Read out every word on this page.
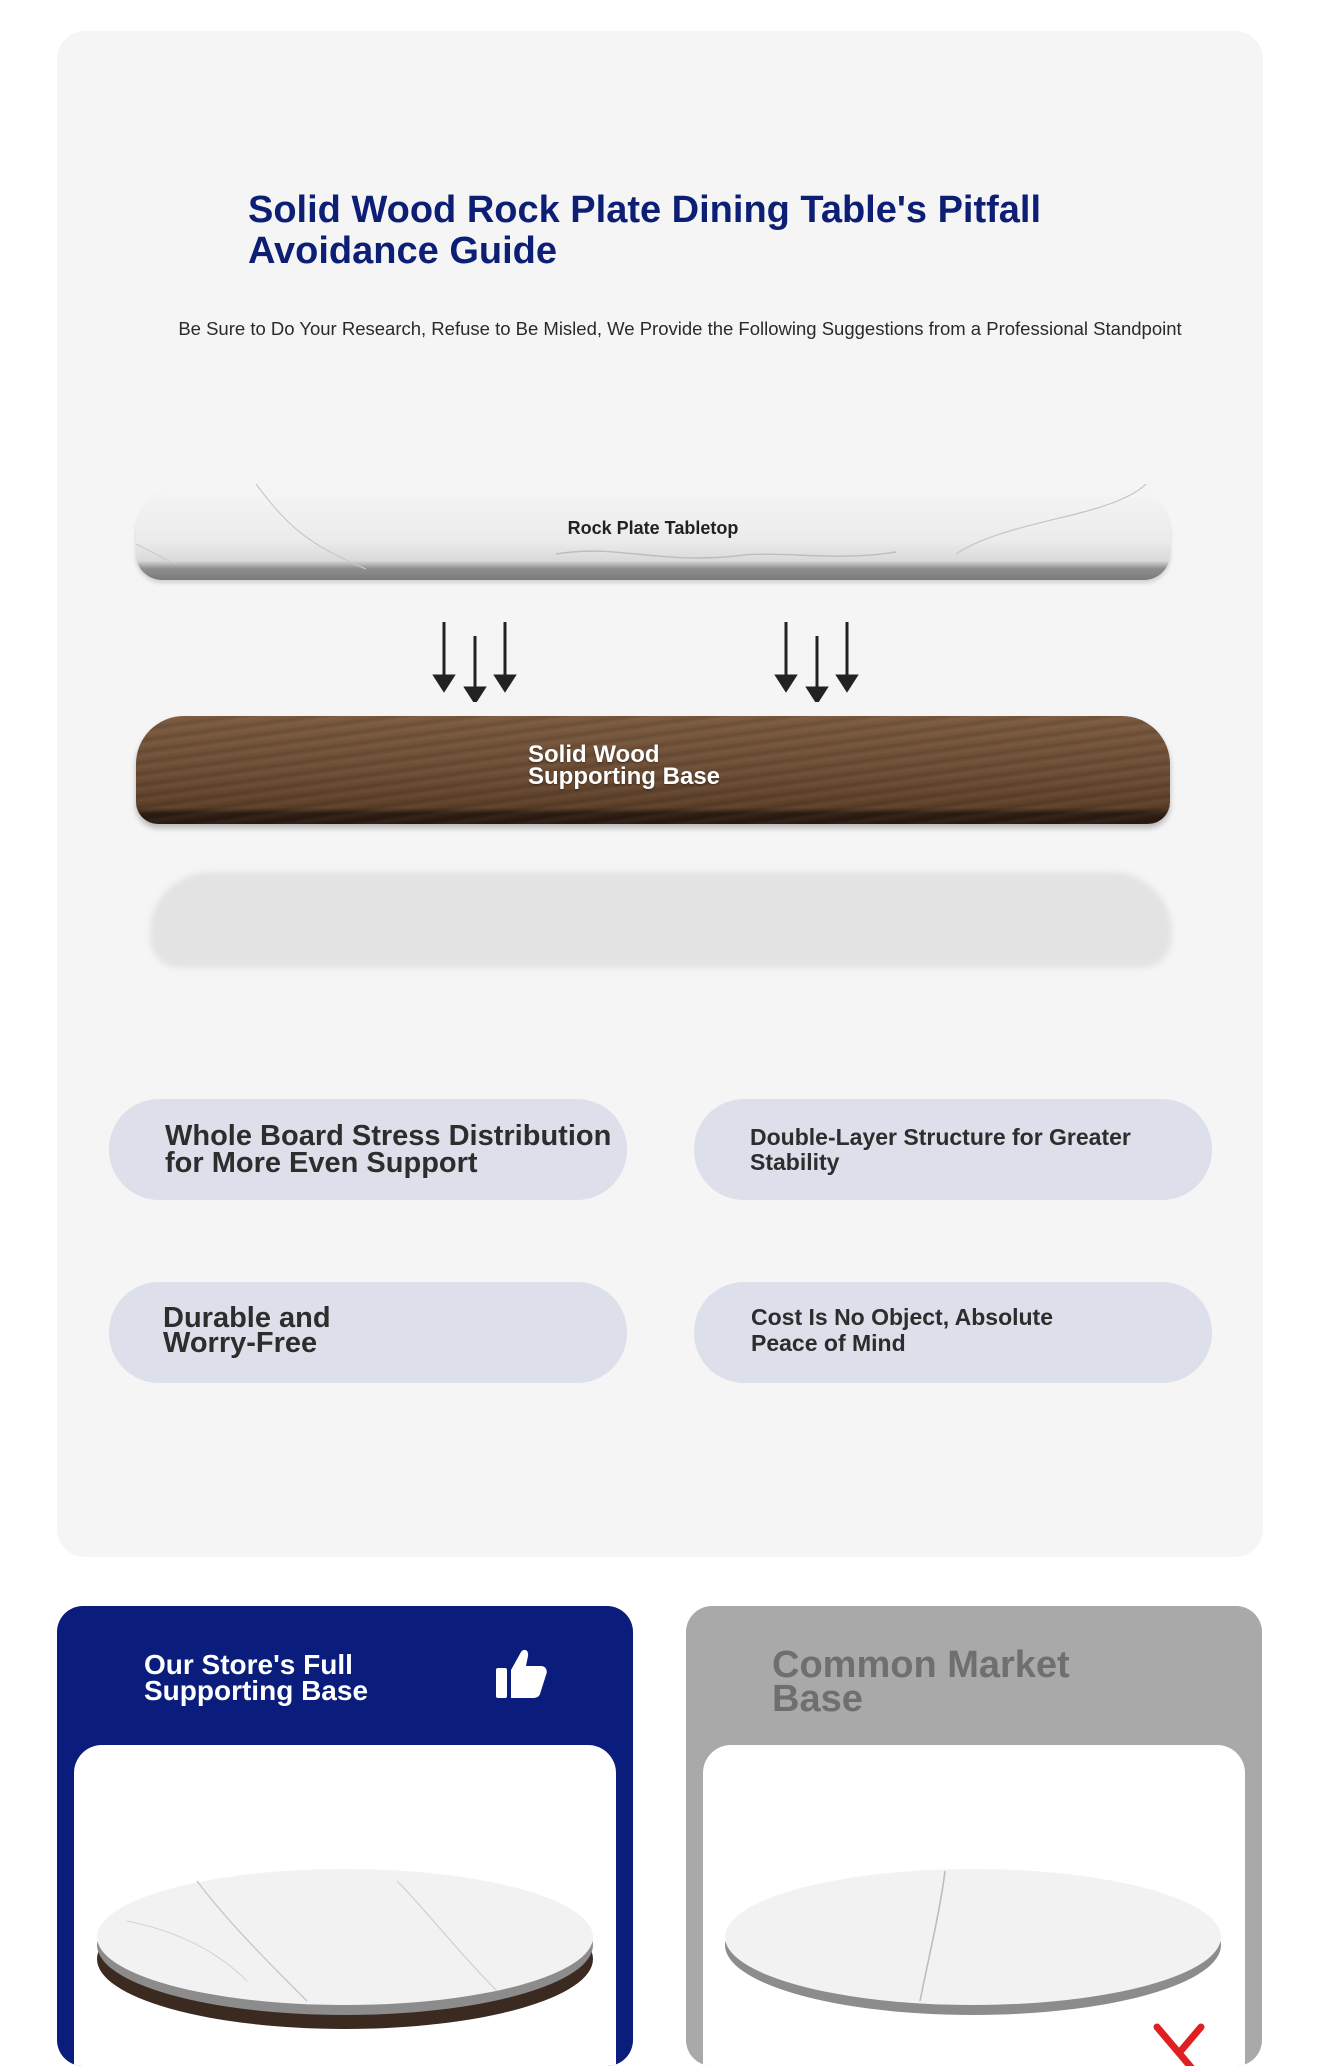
Solid Wood Rock Plate Dining Table's Pitfall Avoidance Guide
Be Sure to Do Your Research, Refuse to Be Misled, We Provide the Following Suggestions from a Professional Standpoint
Rock Plate Tabletop
Solid Wood
Supporting Base
Whole Board Stress Distribution
for More Even Support
Double-Layer Structure for Greater
Stability
Durable and
Worry-Free
Cost Is No Object, Absolute
Peace of Mind
Our Store's Full
Supporting Base
Common Market
Base
